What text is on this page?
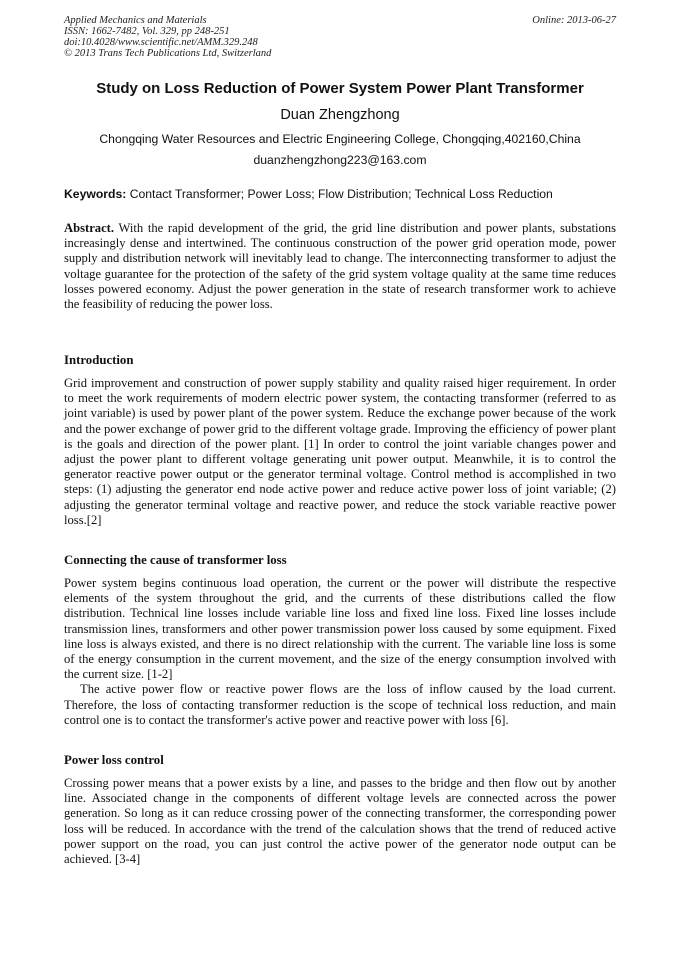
Applied Mechanics and Materials	Online: 2013-06-27
ISSN: 1662-7482, Vol. 329, pp 248-251
doi:10.4028/www.scientific.net/AMM.329.248
© 2013 Trans Tech Publications Ltd, Switzerland
Study on Loss Reduction of Power System Power Plant Transformer
Duan Zhengzhong
Chongqing Water Resources and Electric Engineering College, Chongqing,402160,China
duanzhengzhong223@163.com
Keywords: Contact Transformer; Power Loss; Flow Distribution; Technical Loss Reduction

Abstract. With the rapid development of the grid, the grid line distribution and power plants, substations increasingly dense and intertwined. The continuous construction of the power grid operation mode, power supply and distribution network will inevitably lead to change. The interconnecting transformer to adjust the voltage guarantee for the protection of the safety of the grid system voltage quality at the same time reduces losses powered economy. Adjust the power generation in the state of research transformer work to achieve the feasibility of reducing the power loss.

Introduction

Grid improvement and construction of power supply stability and quality raised higer requirement. In order to meet the work requirements of modern electric power system, the contacting transformer (referred to as joint variable) is used by power plant of the power system. Reduce the exchange power because of the work and the power exchange of power grid to the different voltage grade. Improving the efficiency of power plant is the goals and direction of the power plant. [1] In order to control the joint variable changes power and adjust the power plant to different voltage generating unit power output. Meanwhile, it is to control the generator reactive power output or the generator terminal voltage. Control method is accomplished in two steps: (1) adjusting the generator end node active power and reduce active power loss of joint variable; (2) adjusting the generator terminal voltage and reactive power, and reduce the stock variable reactive power loss.[2]

Connecting the cause of transformer loss

Power system begins continuous load operation, the current or the power will distribute the respective elements of the system throughout the grid, and the currents of these distributions called the flow distribution. Technical line losses include variable line loss and fixed line loss. Fixed line losses include transmission lines, transformers and other power transmission power loss caused by some equipment. Fixed line loss is always existed, and there is no direct relationship with the current. The variable line loss is some of the energy consumption in the current movement, and the size of the energy consumption involved with the current size. [1-2]

The active power flow or reactive power flows are the loss of inflow caused by the load current. Therefore, the loss of contacting transformer reduction is the scope of technical loss reduction, and main control one is to contact the transformer's active power and reactive power with loss [6].

Power loss control

Crossing power means that a power exists by a line, and passes to the bridge and then flow out by another line. Associated change in the components of different voltage levels are connected across the power generation. So long as it can reduce crossing power of the connecting transformer, the corresponding power loss will be reduced. In accordance with the trend of the calculation shows that the trend of reduced active power support on the road, you can just control the active power of the generator node output can be achieved. [3-4]
